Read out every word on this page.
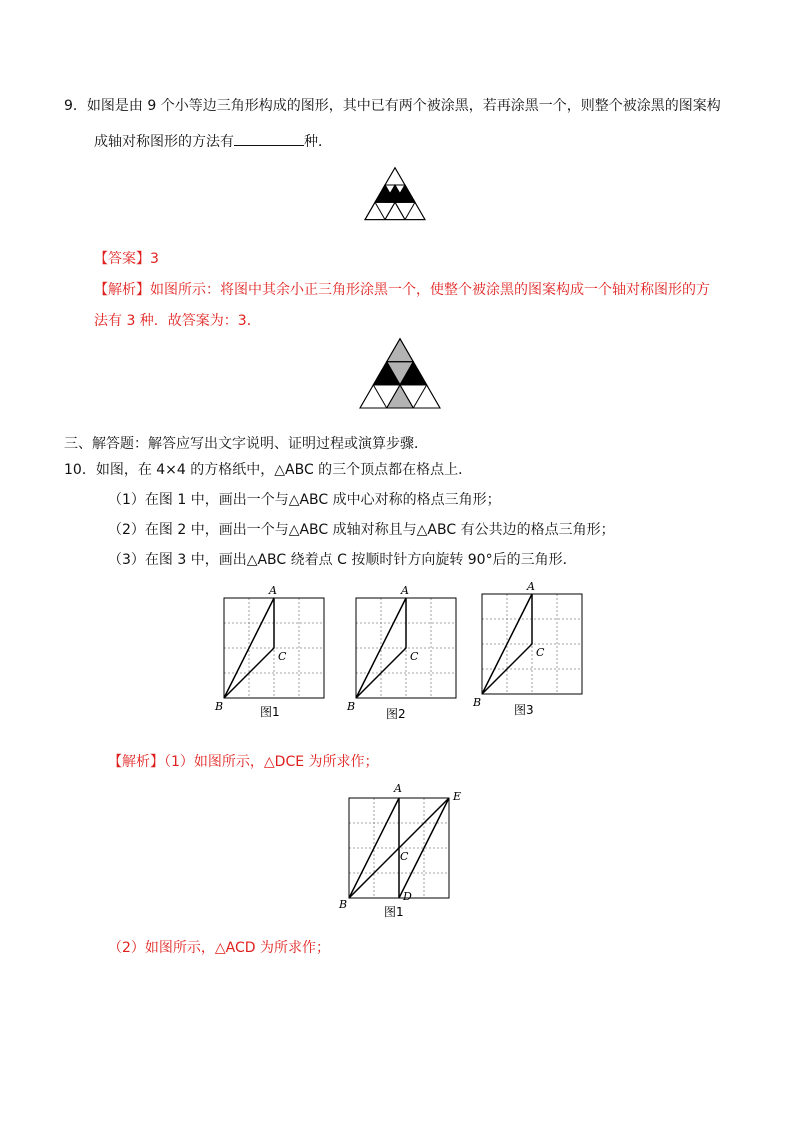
9．如图是由 9 个小等边三角形构成的图形，其中已有两个被涂黑，若再涂黑一个，则整个被涂黑的图案构
成轴对称图形的方法有	种．
【答案】3
【解析】如图所示：将图中其余小正三角形涂黑一个，使整个被涂黑的图案构成一个轴对称图形的方
法有 3 种．故答案为：3．
三、解答题：解答应写出文字说明、证明过程或演算步骤．
10．如图，在 4×4 的方格纸中，△ABC 的三个顶点都在格点上．
（1）在图 1 中，画出一个与△ABC 成中心对称的格点三角形；
（2）在图 2 中，画出一个与△ABC 成轴对称且与△ABC 有公共边的格点三角形；
（3）在图 3 中，画出△ABC 绕着点 C 按顺时针方向旋转 90°后的三角形．
A
C
B	图1
A
C
B
图2
A
C
B
图3
【解析】（1）如图所示，△DCE 为所求作；
A
E
C
D
B
图1
（2）如图所示，△ACD 为所求作；
